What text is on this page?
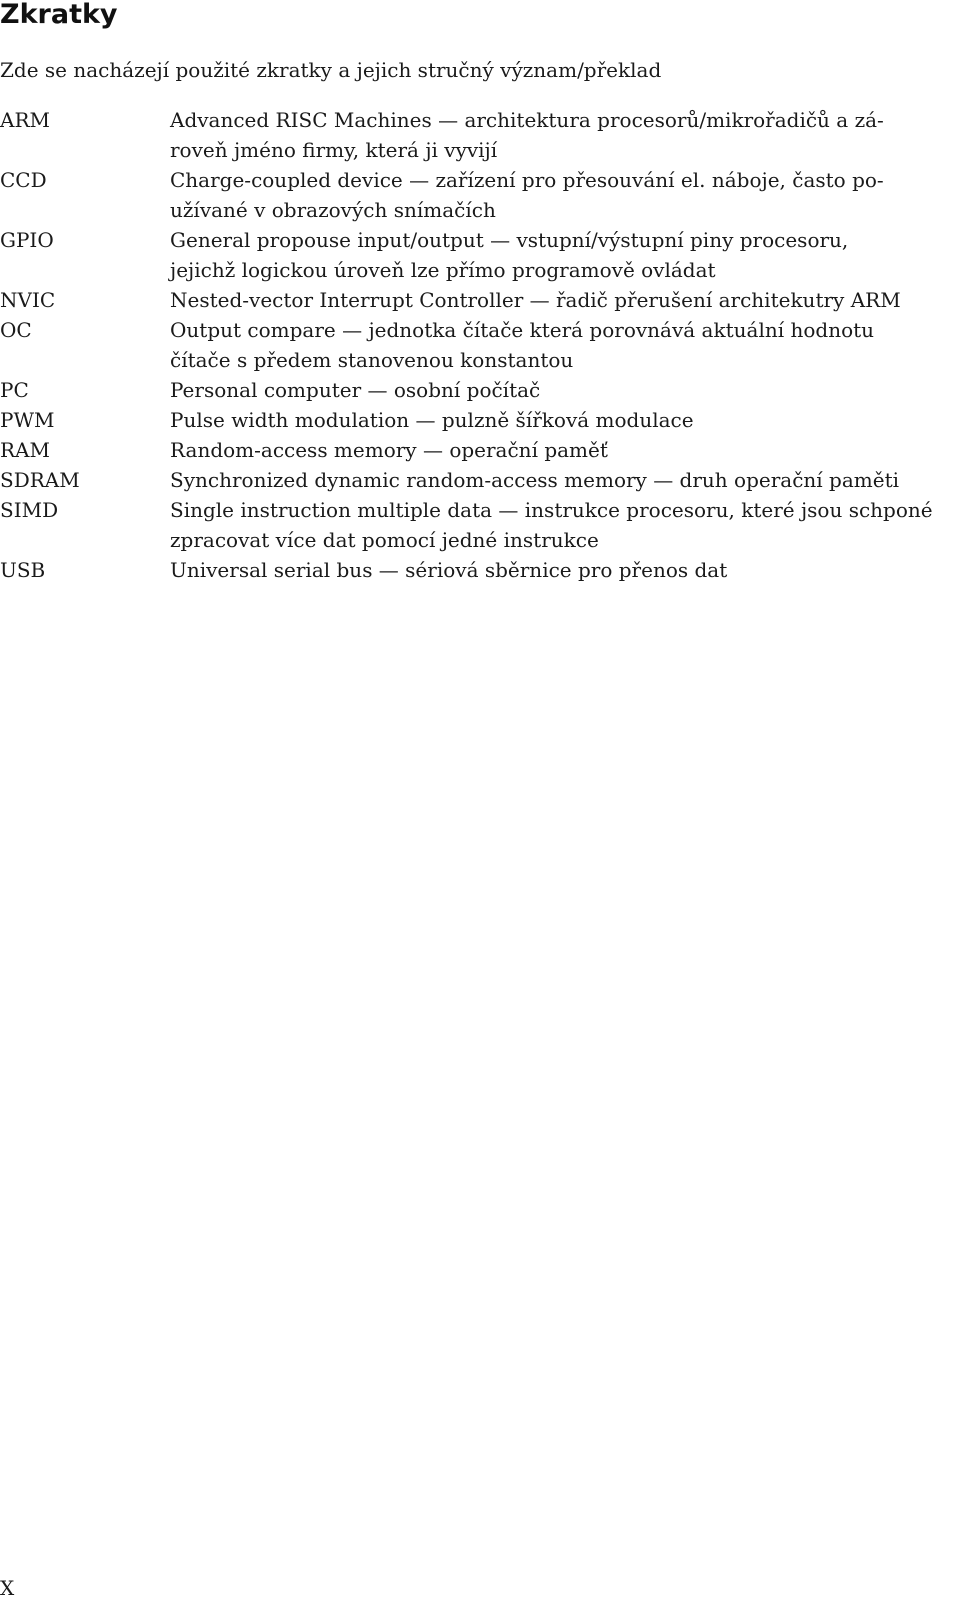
Zkratky

Zde se nacházejí použité zkratky a jejich stručný význam/překlad

ARM	Advanced RISC Machines — architektura procesorů/mikrořadičů a zá-
roveň jméno firmy, která ji vyvijí
CCD	Charge-coupled device — zařízení pro přesouvání el. náboje, často po-
užívané v obrazových snímačích
GPIO	General propouse input/output — vstupní/výstupní piny procesoru,
jejichž logickou úroveň lze přímo programově ovládat
NVIC	Nested-vector Interrupt Controller — řadič přerušení architekutry ARM
OC	Output compare — jednotka čítače která porovnává aktuální hodnotu
čítače s předem stanovenou konstantou
PC	Personal computer — osobní počítač
PWM	Pulse width modulation — pulzně šířková modulace
RAM	Random-access memory — operační paměť
SDRAM	Synchronized dynamic random-access memory — druh operační paměti
SIMD	Single instruction multiple data — instrukce procesoru, které jsou schponé
zpracovat více dat pomocí jedné instrukce
USB	Universal serial bus — sériová sběrnice pro přenos dat
X
